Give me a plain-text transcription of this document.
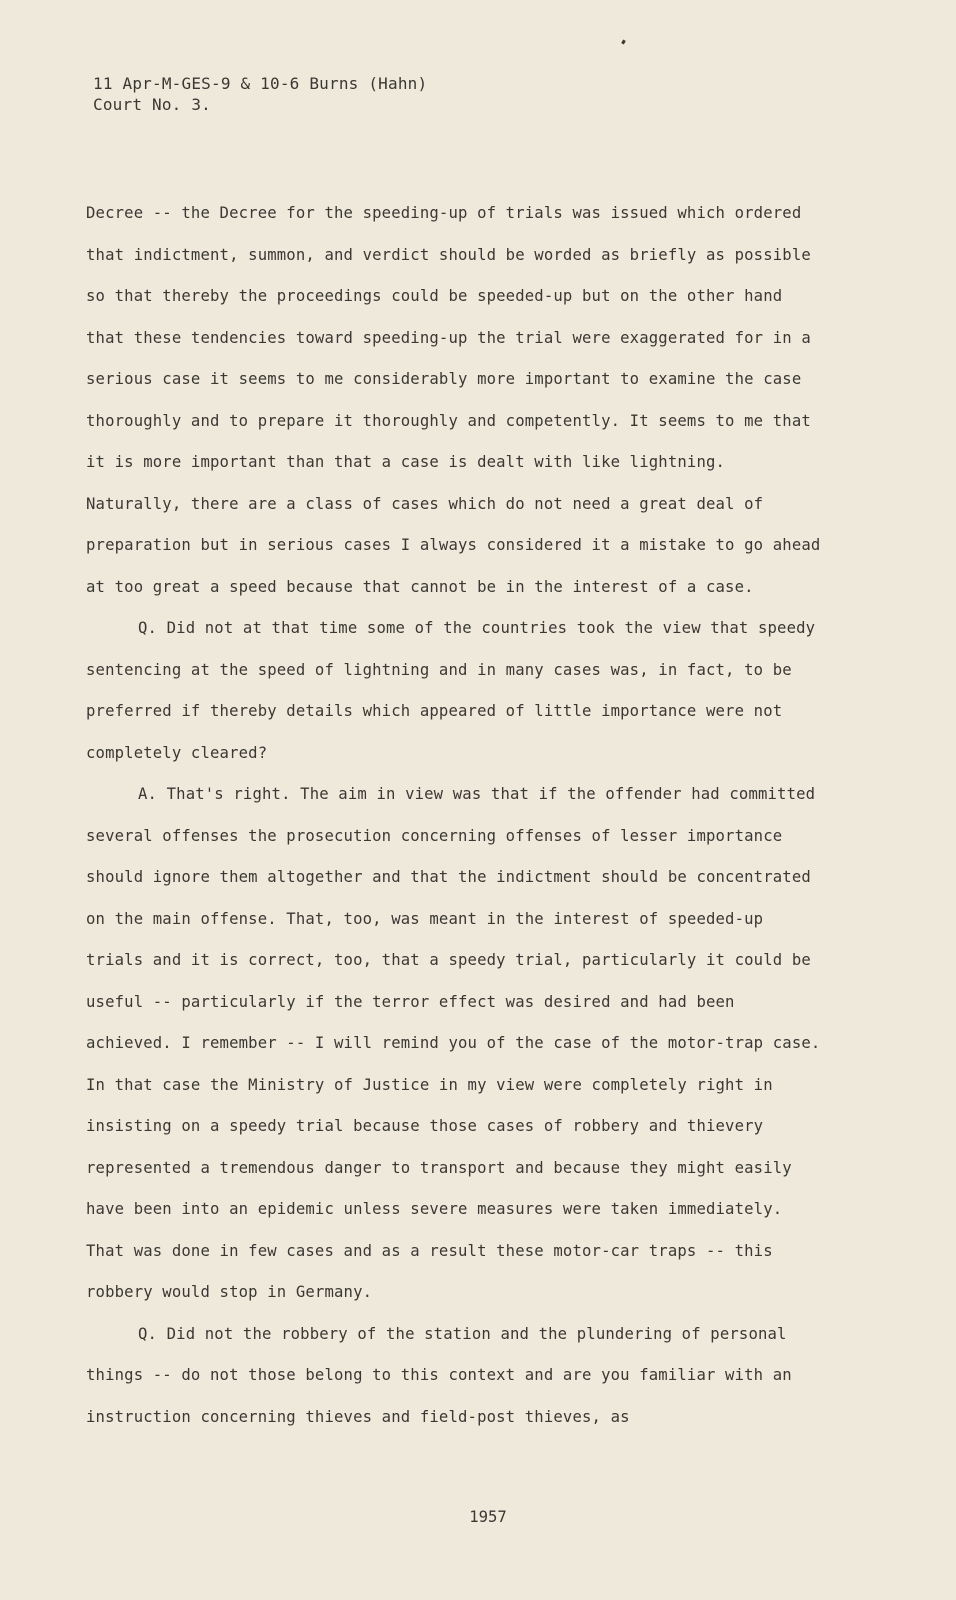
11 Apr-M-GES-9 & 10-6 Burns (Hahn)
Court No. 3.

Decree -- the Decree for the speeding-up of trials was issued which ordered that indictment, summon, and verdict should be worded as briefly as possible so that thereby the proceedings could be speeded-up but on the other hand that these tendencies toward speeding-up the trial were exaggerated for in a serious case it seems to me considerably more important to examine the case thoroughly and to prepare it thoroughly and competently. It seems to me that it is more important than that a case is dealt with like lightning. Naturally, there are a class of cases which do not need a great deal of preparation but in serious cases I always considered it a mistake to go ahead at too great a speed because that cannot be in the interest of a case.

Q. Did not at that time some of the countries took the view that speedy sentencing at the speed of lightning and in many cases was, in fact, to be preferred if thereby details which appeared of little importance were not completely cleared?

A. That's right. The aim in view was that if the offender had committed several offenses the prosecution concerning offenses of lesser importance should ignore them altogether and that the indictment should be concentrated on the main offense. That, too, was meant in the interest of speeded-up trials and it is correct, too, that a speedy trial, particularly it could be useful -- particularly if the terror effect was desired and had been achieved. I remember -- I will remind you of the case of the motor-trap case. In that case the Ministry of Justice in my view were completely right in insisting on a speedy trial because those cases of robbery and thievery represented a tremendous danger to transport and because they might easily have been into an epidemic unless severe measures were taken immediately. That was done in few cases and as a result these motor-car traps -- this robbery would stop in Germany.

Q. Did not the robbery of the station and the plundering of personal things -- do not those belong to this context and are you familiar with an instruction concerning thieves and field-post thieves, as

1957
